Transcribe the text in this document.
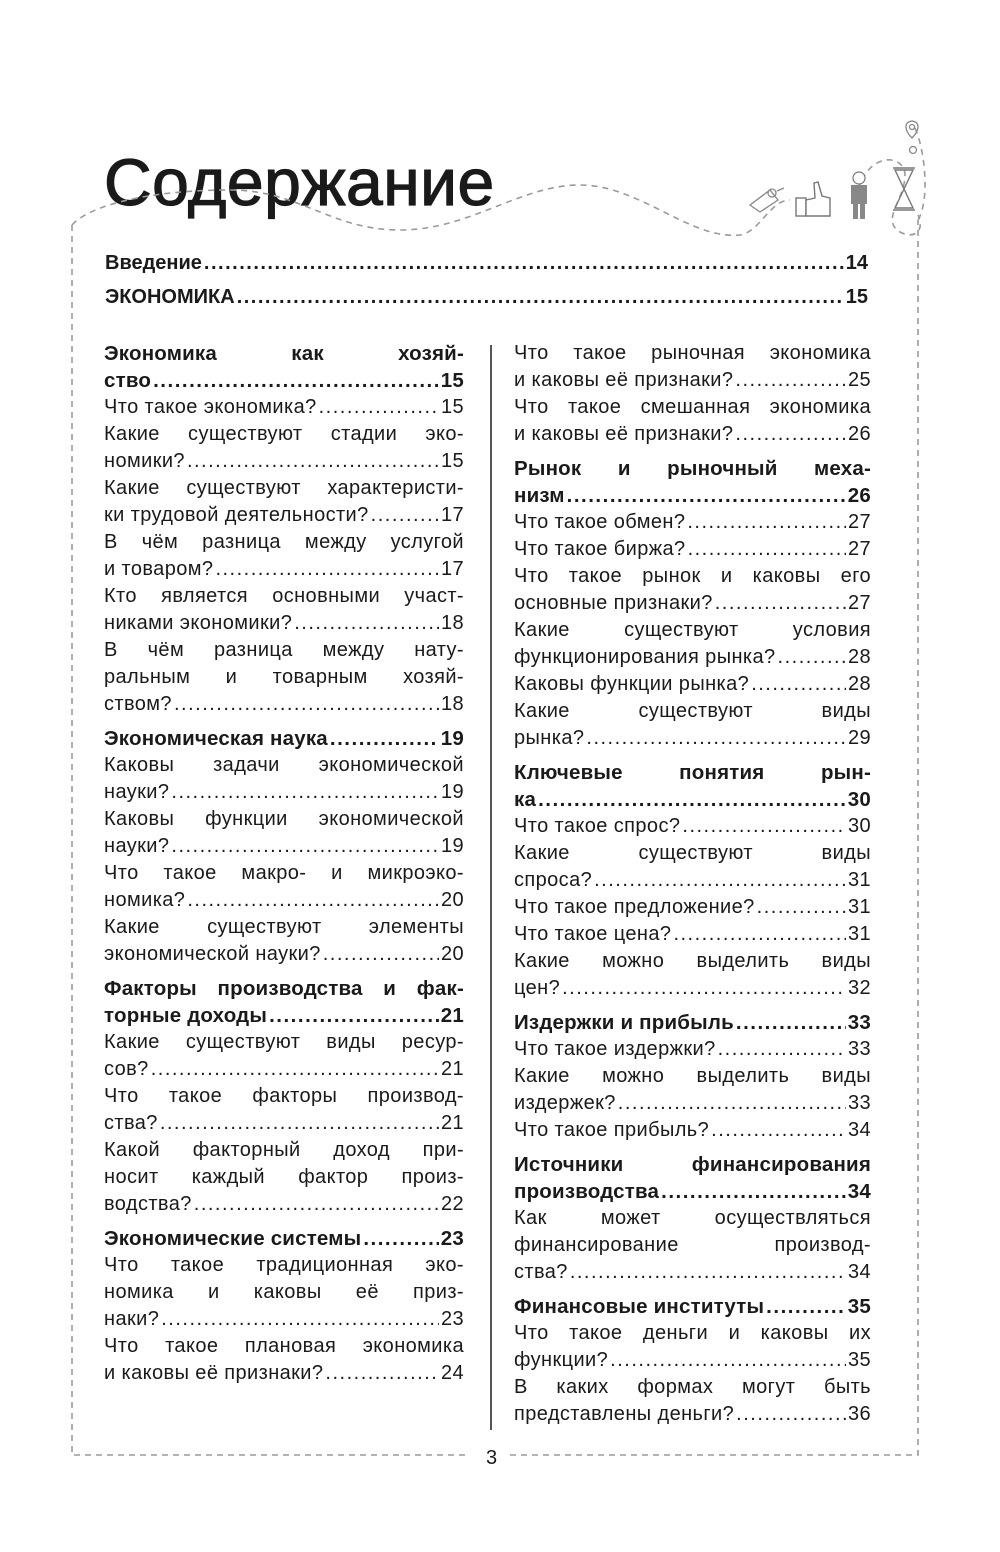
Содержание
Введение .....	14
ЭКОНОМИКА .....	15
Экономика как хозяй-
ство .....	15
Что такое экономика? .....	15
Какие существуют стадии эко-
номики? .....	15
Какие существуют характеристи-
ки трудовой деятельности? .....	17
В чём разница между услугой
и товаром? .....	17
Кто является основными участ-
никами экономики? .....	18
В чём разница между нату-
ральным и товарным хозяй-
ством? .....	18
Экономическая наука .....	19
Каковы задачи экономической
науки? .....	19
Каковы функции экономической
науки? .....	19
Что такое макро- и микроэко-
номика? .....	20
Какие существуют элементы
экономической науки? .....	20
Факторы производства и фак-
торные доходы .....	21
Какие существуют виды ресур-
сов? .....	21
Что такое факторы производ-
ства? .....	21
Какой факторный доход при-
носит каждый фактор произ-
водства? .....	22
Экономические системы .....	23
Что такое традиционная эко-
номика и каковы её приз-
наки? .....	23
Что такое плановая экономика
и каковы её признаки? .....	24
Что такое рыночная экономика
и каковы её признаки? .....	25
Что такое смешанная экономика
и каковы её признаки? .....	26
Рынок и рыночный меха-
низм .....	26
Что такое обмен? .....	27
Что такое биржа? .....	27
Что такое рынок и каковы его
основные признаки? .....	27
Какие существуют условия
функционирования рынка? .....	28
Каковы функции рынка? .....	28
Какие существуют виды
рынка? .....	29
Ключевые понятия рын-
ка .....	30
Что такое спрос? .....	30
Какие существуют виды
спроса? .....	31
Что такое предложение? .....	31
Что такое цена? .....	31
Какие можно выделить виды
цен? .....	32
Издержки и прибыль .....	33
Что такое издержки? .....	33
Какие можно выделить виды
издержек? .....	33
Что такое прибыль? .....	34
Источники финансирования
производства .....	34
Как может осуществляться
финансирование производ-
ства? .....	34
Финансовые институты .....	35
Что такое деньги и каковы их
функции? .....	35
В каких формах могут быть
представлены деньги? .....	36
3
